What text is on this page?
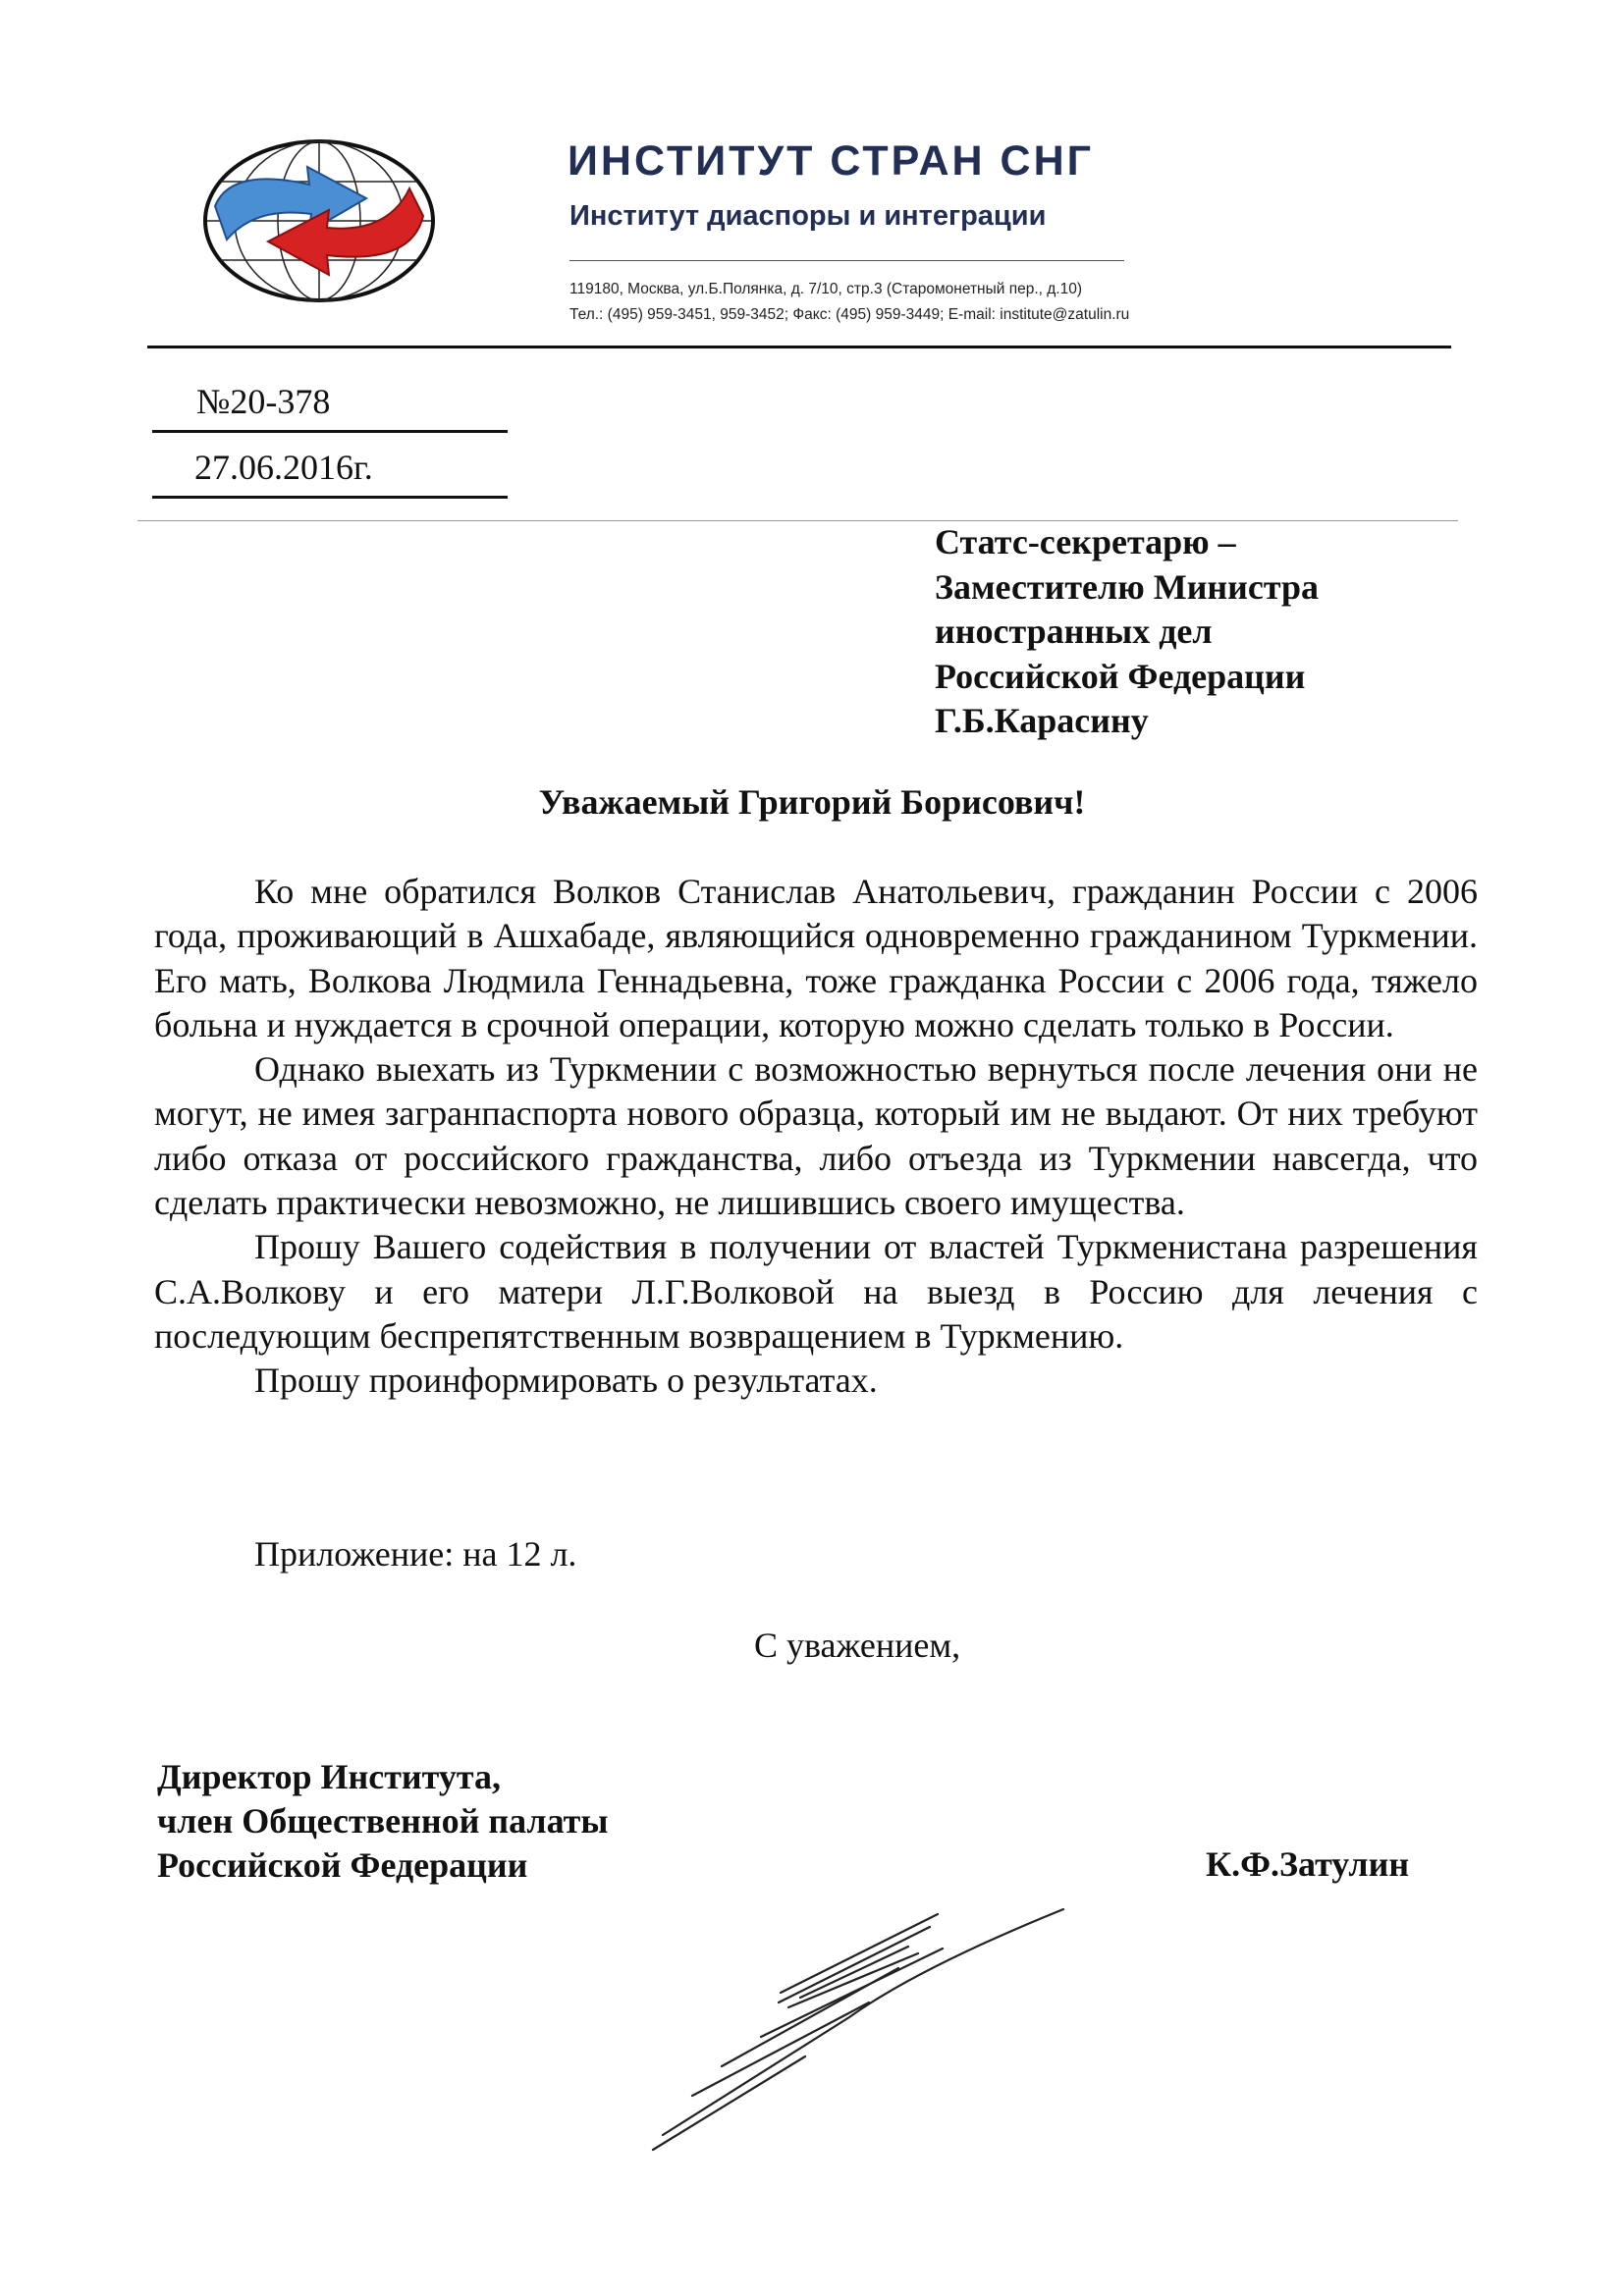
ИНСТИТУТ СТРАН СНГ
Институт диаспоры и интеграции
119180, Москва, ул.Б.Полянка, д. 7/10, стр.3 (Старомонетный пер., д.10)
Тел.: (495) 959-3451, 959-3452; Факс: (495) 959-3449; E-mail: institute@zatulin.ru
№20-378
27.06.2016г.
Статс-секретарю –
Заместителю Министра
иностранных дел
Российской Федерации
Г.Б.Карасину
Уважаемый Григорий Борисович!

Ко мне обратился Волков Станислав Анатольевич, гражданин России с 2006 года, проживающий в Ашхабаде, являющийся одновременно гражданином Туркмении. Его мать, Волкова Людмила Геннадьевна, тоже гражданка России с 2006 года, тяжело больна и нуждается в срочной операции, которую можно сделать только в России.

Однако выехать из Туркмении с возможностью вернуться после лечения они не могут, не имея загранпаспорта нового образца, который им не выдают. От них требуют либо отказа от российского гражданства, либо отъезда из Туркмении навсегда, что сделать практически невозможно, не лишившись своего имущества.

Прошу Вашего содействия в получении от властей Туркменистана разрешения С.А.Волкову и его матери Л.Г.Волковой на выезд в Россию для лечения с последующим беспрепятственным возвращением в Туркмению.

Прошу проинформировать о результатах.

Приложение: на 12 л.
С уважением,
Директор Института,
член Общественной палаты
Российской Федерации	К.Ф.Затулин
